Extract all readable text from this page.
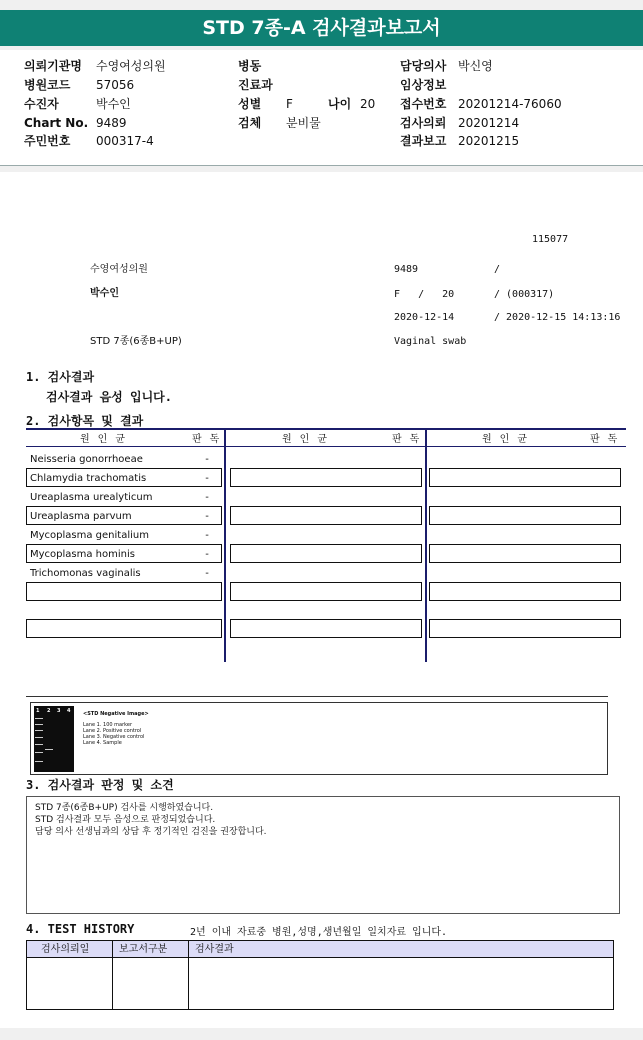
STD 7종-A 검사결과보고서
의뢰기관명 수영여성의원
병원코드 57056
수진자	박수인
Chart No. 9489
주민번호 000317-4
병동
진료과
성별 F	나이 20
검체 분비물
담당의사 박신영
임상정보
접수번호 20201214-76060
검사의뢰 20201214
결과보고 20201215
115077
수영여성의원	9489	/
박수인	F   /   20	/ (000317)
2020-12-14	/ 2020-12-15 14:13:16
STD 7종(6종B+UP)	Vaginal swab
1. 검사결과
검사결과 음성 입니다.
2. 검사항목 및 결과
원 인 균	판 독	원 인 균	판 독	원 인 균	판 독
Neisseria gonorrhoeae	-
Chlamydia trachomatis	-
Ureaplasma urealyticum	-
Ureaplasma parvum	-
Mycoplasma genitalium	-
Mycoplasma hominis	-
Trichomonas vaginalis	-
1 2 3 4	<STD Negative Image>
Lane 1. 100 marker
Lane 2. Positive control
Lane 3. Negative control
Lane 4. Sample
3. 검사결과 판정 및 소견
STD 7종(6종B+UP) 검사를 시행하였습니다.
STD 검사결과 모두 음성으로 판정되었습니다.
담당 의사 선생님과의 상담 후 정기적인 검진을 권장합니다.
4. TEST HISTORY	2년 이내 자료중 병원,성명,생년월일 일치자료 입니다.
검사의뢰일	보고서구분	검사결과
